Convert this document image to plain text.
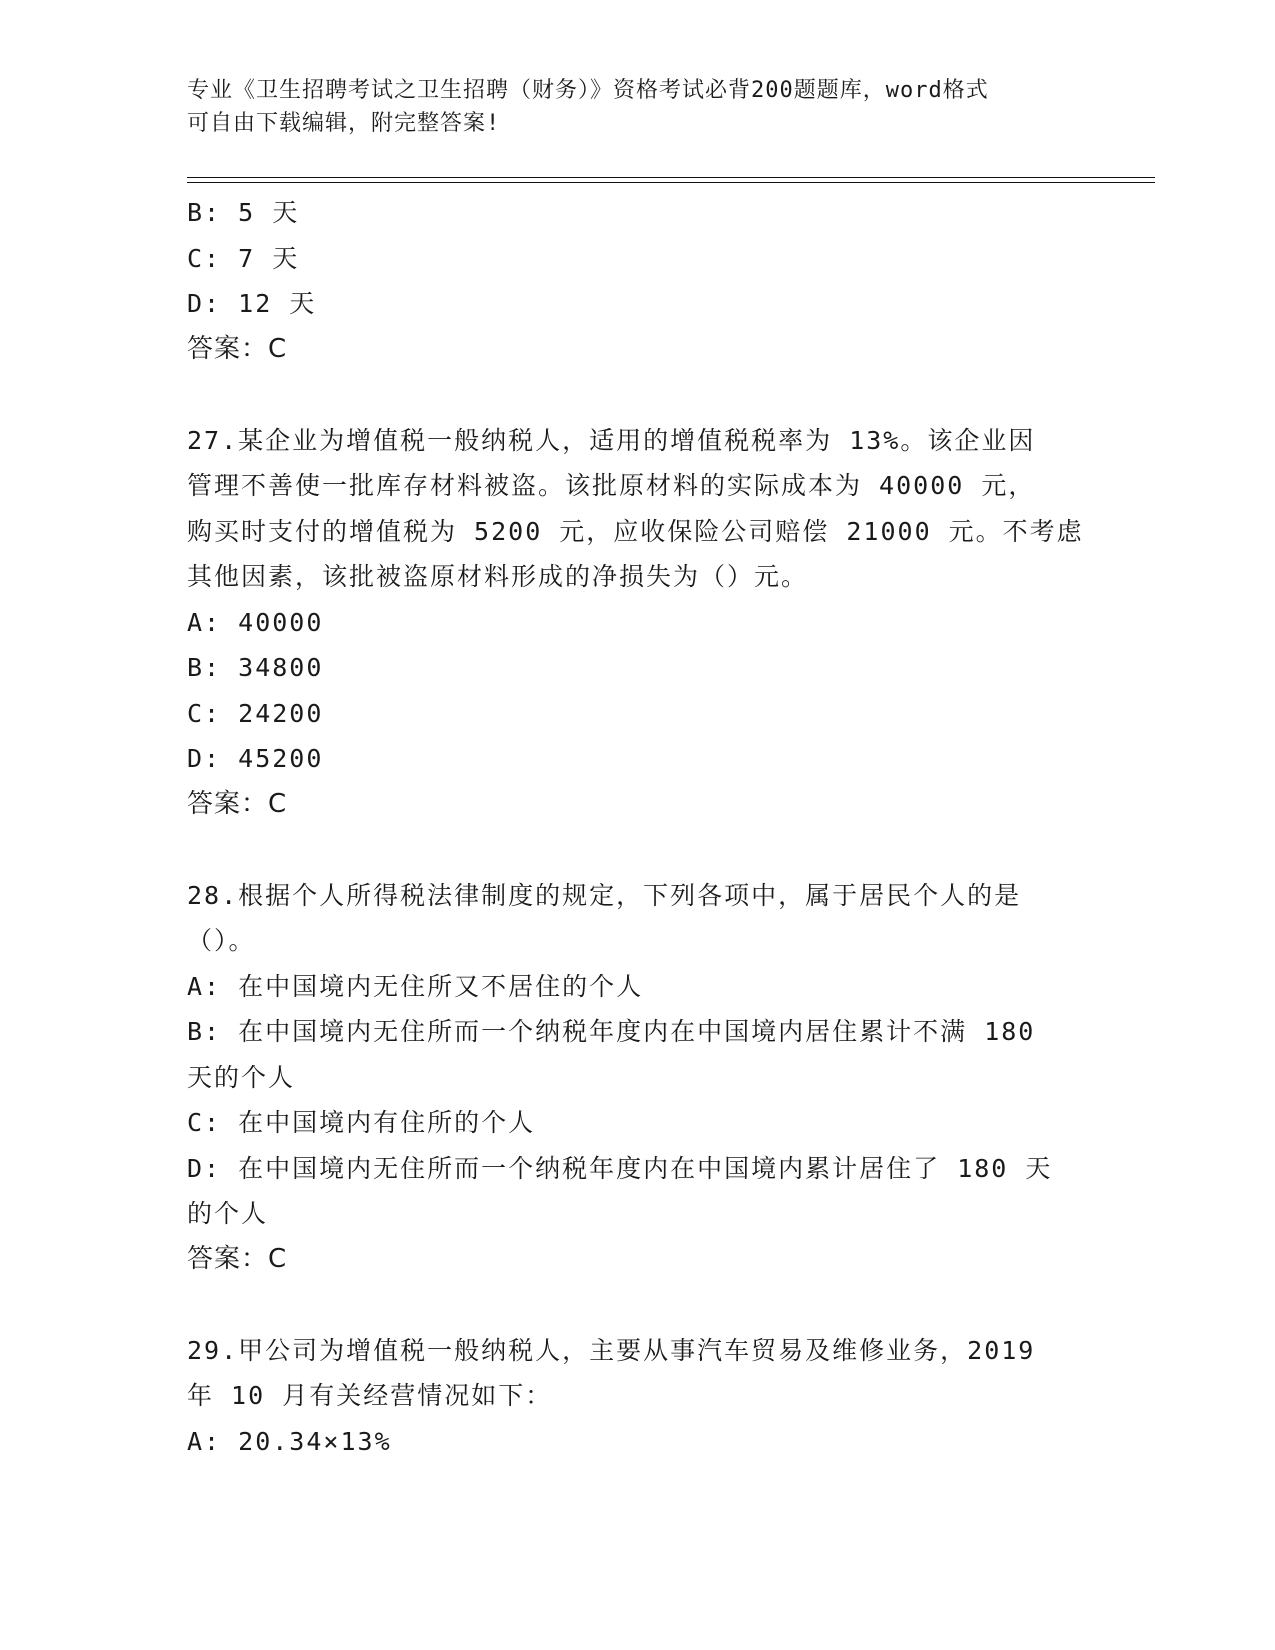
专业《卫生招聘考试之卫生招聘（财务）》资格考试必背200题题库，word格式
可自由下载编辑，附完整答案!
B: 5 天
C: 7 天
D: 12 天
答案：C
27.某企业为增值税一般纳税人，适用的增值税税率为 13%。该企业因
管理不善使一批库存材料被盗。该批原材料的实际成本为 40000 元，
购买时支付的增值税为 5200 元，应收保险公司赔偿 21000 元。不考虑
其他因素，该批被盗原材料形成的净损失为（）元。
A: 40000
B: 34800
C: 24200
D: 45200
答案：C
28.根据个人所得税法律制度的规定，下列各项中，属于居民个人的是
（）。
A: 在中国境内无住所又不居住的个人
B: 在中国境内无住所而一个纳税年度内在中国境内居住累计不满 180
天的个人
C: 在中国境内有住所的个人
D: 在中国境内无住所而一个纳税年度内在中国境内累计居住了 180 天
的个人
答案：C
29.甲公司为增值税一般纳税人，主要从事汽车贸易及维修业务，2019
年 10 月有关经营情况如下：
A: 20.34×13%
